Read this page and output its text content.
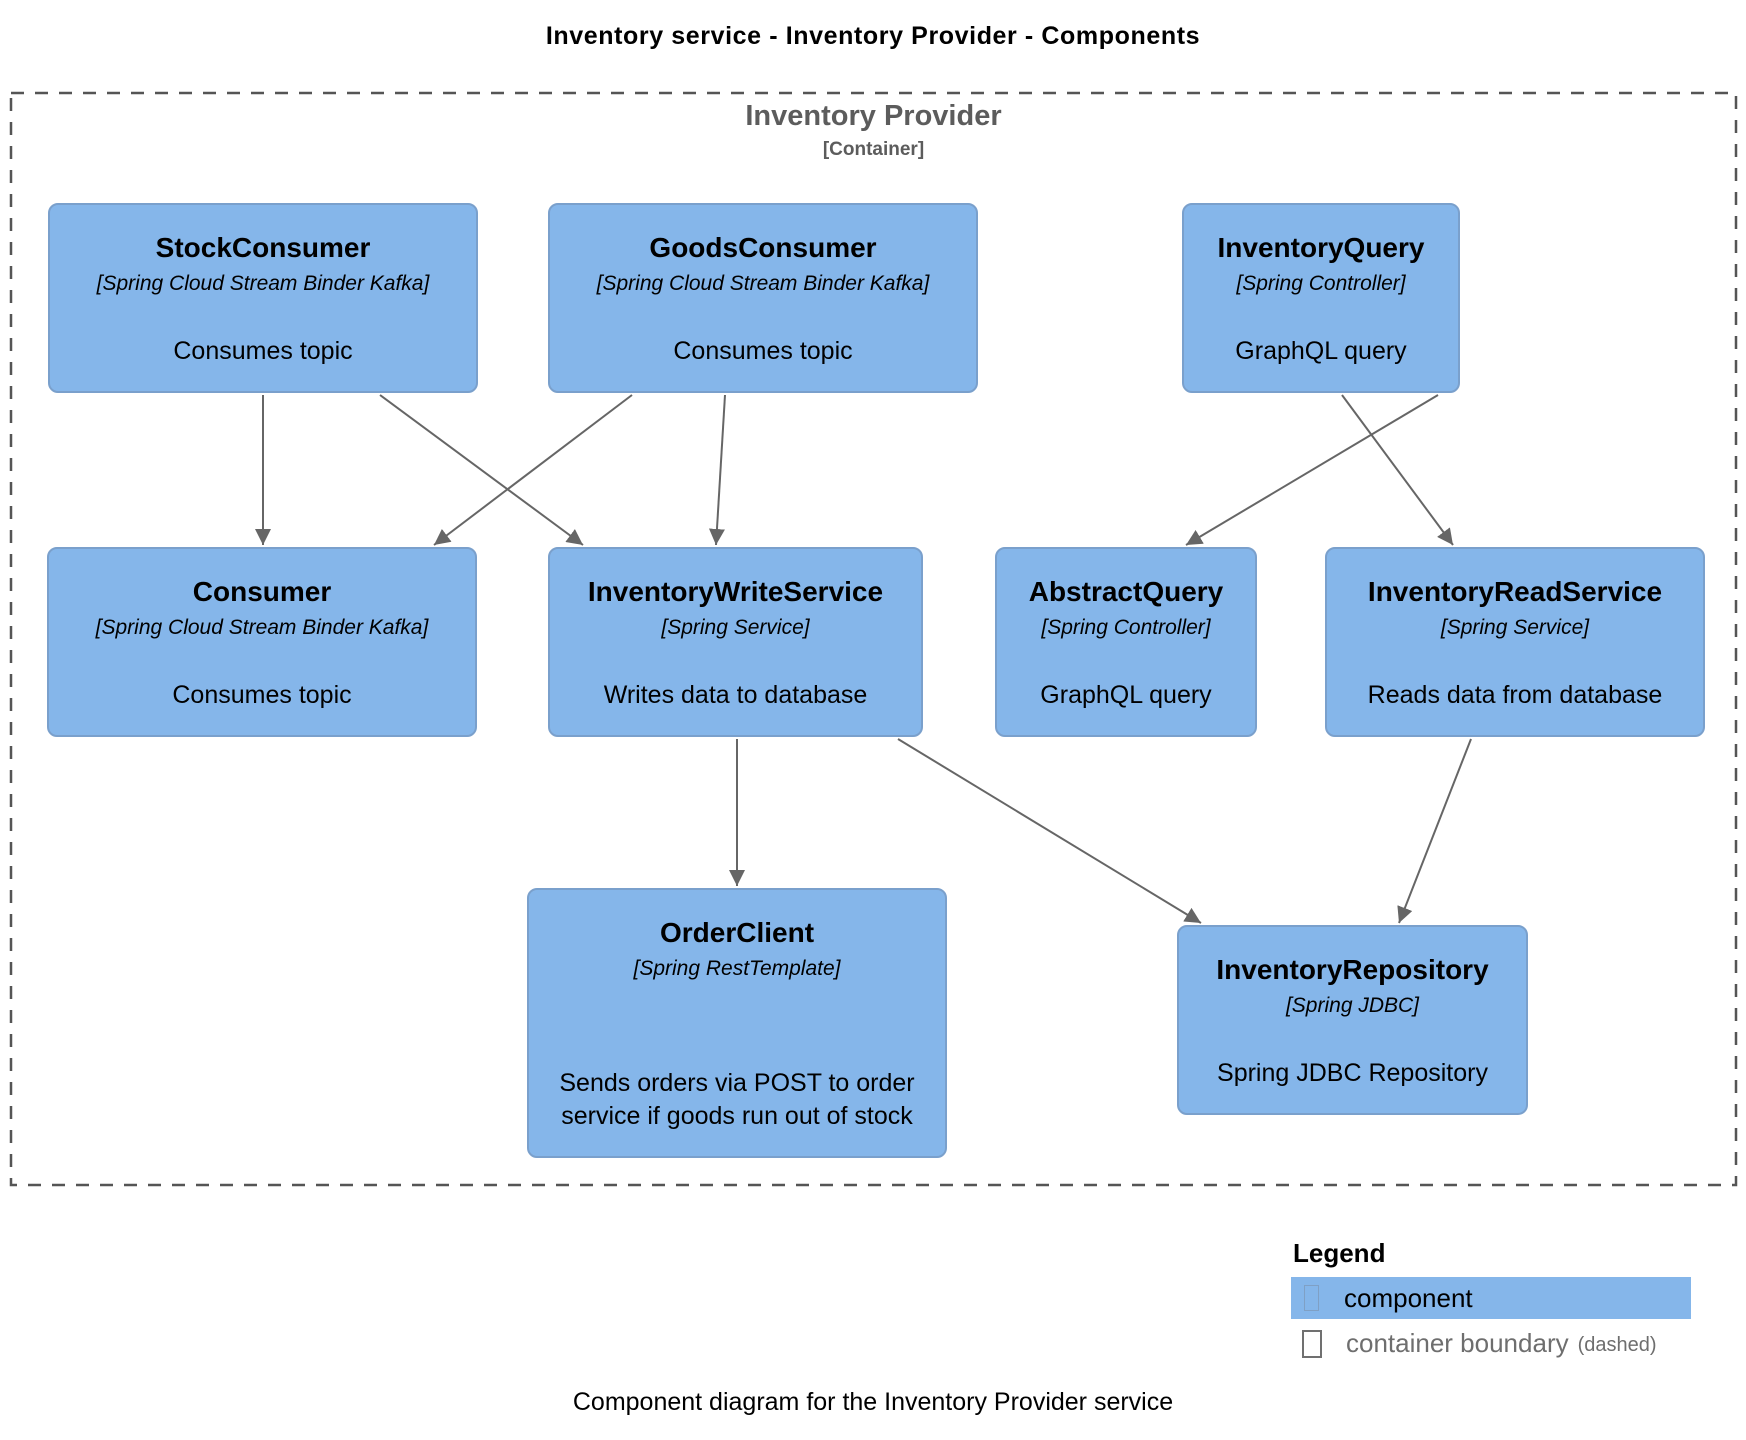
Inventory service - Inventory Provider - Components
Inventory Provider
[Container]
StockConsumer
[Spring Cloud Stream Binder Kafka]
Consumes topic
GoodsConsumer
[Spring Cloud Stream Binder Kafka]
Consumes topic
InventoryQuery
[Spring Controller]
GraphQL query
Consumer
[Spring Cloud Stream Binder Kafka]
Consumes topic
InventoryWriteService
[Spring Service]
Writes data to database
AbstractQuery
[Spring Controller]
GraphQL query
InventoryReadService
[Spring Service]
Reads data from database
OrderClient
[Spring RestTemplate]
Sends orders via POST to order service if goods run out of stock
InventoryRepository
[Spring JDBC]
Spring JDBC Repository
Legend
component
container boundary (dashed)
Component diagram for the Inventory Provider service
